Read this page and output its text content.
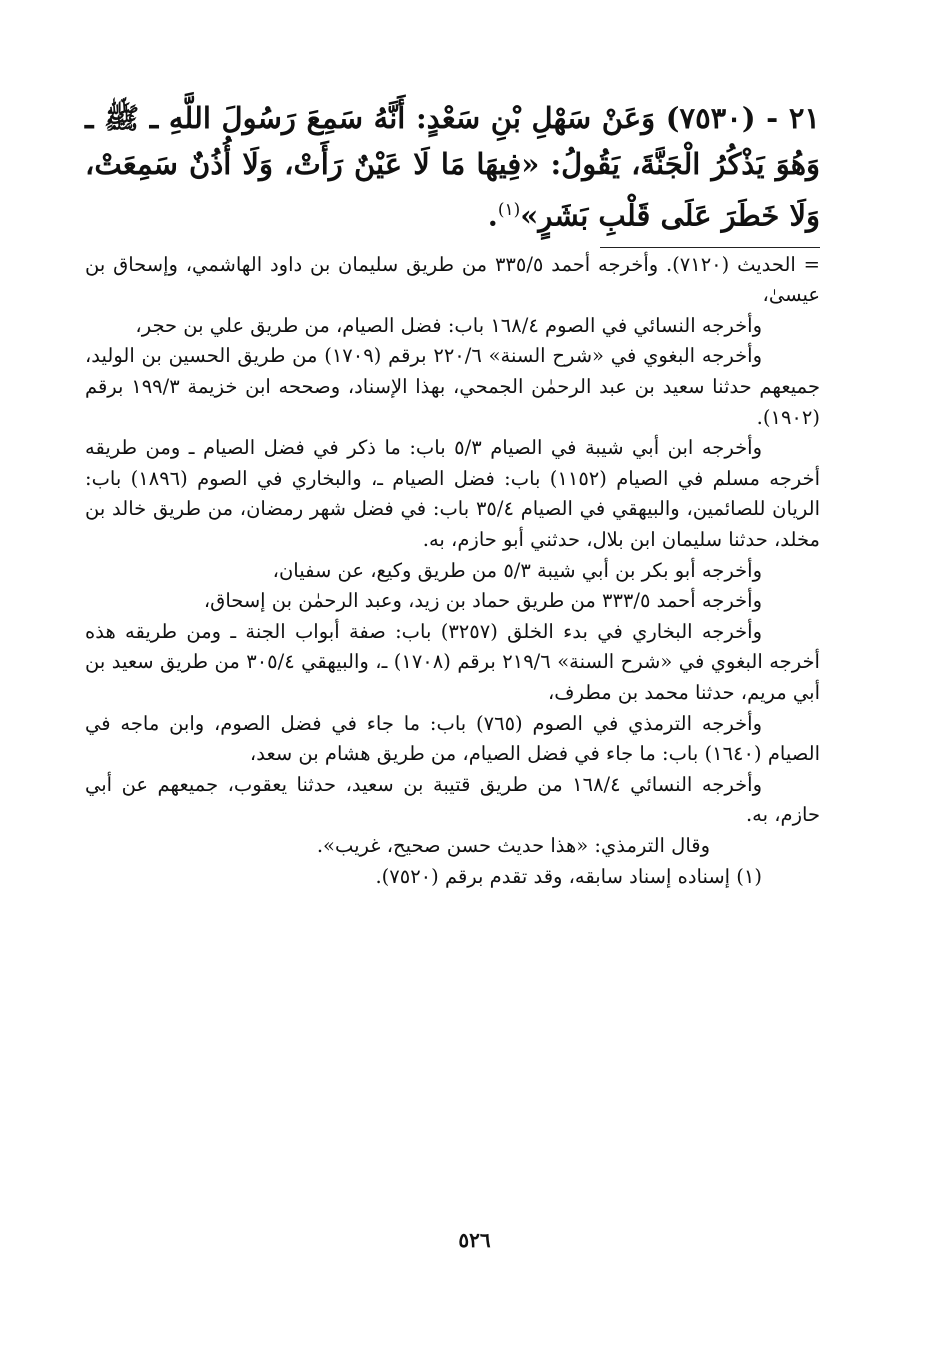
٢١ - (٧٥٣٠) وَعَنْ سَهْلِ بْنِ سَعْدٍ: أَنَّهُ سَمِعَ رَسُولَ اللَّهِ ـ ﷺ ـ وَهُوَ يَذْكُرُ الْجَنَّةَ، يَقُولُ: «فِيهَا مَا لَا عَيْنٌ رَأَتْ، وَلَا أُذُنٌ سَمِعَتْ، وَلَا خَطَرَ عَلَى قَلْبِ بَشَرٍ»$^{(١)}$.

= الحديث (٧١٢٠). وأخرجه أحمد ٣٣٥/٥ من طريق سليمان بن داود الهاشمي، وإسحاق بن عيسىٰ،

وأخرجه النسائي في الصوم ١٦٨/٤ باب: فضل الصيام، من طريق علي بن حجر،

وأخرجه البغوي في «شرح السنة» ٢٢٠/٦ برقم (١٧٠٩) من طريق الحسين بن الوليد، جميعهم حدثنا سعيد بن عبد الرحمٰن الجمحي، بهذا الإسناد، وصححه ابن خزيمة ١٩٩/٣ برقم (١٩٠٢).

وأخرجه ابن أبي شيبة في الصيام ٥/٣ باب: ما ذكر في فضل الصيام ـ ومن طريقه أخرجه مسلم في الصيام (١١٥٢) باب: فضل الصيام ـ، والبخاري في الصوم (١٨٩٦) باب: الريان للصائمين، والبيهقي في الصيام ٣٥/٤ باب: في فضل شهر رمضان، من طريق خالد بن مخلد، حدثنا سليمان ابن بلال، حدثني أبو حازم، به.

وأخرجه أبو بكر بن أبي شيبة ٥/٣ من طريق وكيع، عن سفيان،

وأخرجه أحمد ٣٣٣/٥ من طريق حماد بن زيد، وعبد الرحمٰن بن إسحاق،

وأخرجه البخاري في بدء الخلق (٣٢٥٧) باب: صفة أبواب الجنة ـ ومن طريقه هذه أخرجه البغوي في «شرح السنة» ٢١٩/٦ برقم (١٧٠٨) ـ، والبيهقي ٣٠٥/٤ من طريق سعيد بن أبي مريم، حدثنا محمد بن مطرف،

وأخرجه الترمذي في الصوم (٧٦٥) باب: ما جاء في فضل الصوم، وابن ماجه في الصيام (١٦٤٠) باب: ما جاء في فضل الصيام، من طريق هشام بن سعد،

وأخرجه النسائي ١٦٨/٤ من طريق قتيبة بن سعيد، حدثنا يعقوب، جميعهم عن أبي حازم، به.

وقال الترمذي: «هذا حديث حسن صحيح، غريب».

(١) إسناده إسناد سابقه، وقد تقدم برقم (٧٥٢٠).

٥٢٦
